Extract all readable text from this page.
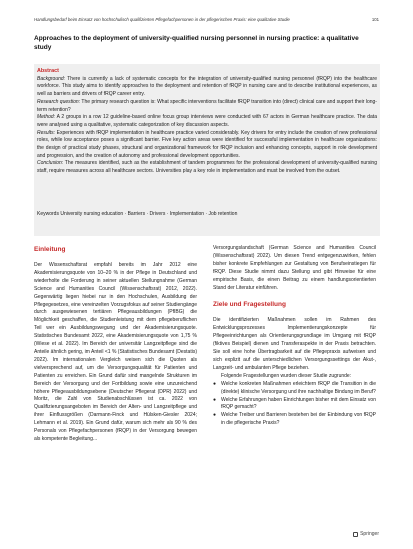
Handlungsbedarf beim Einsatz von hochschulisch qualifizierten Pflegefachpersonen in der pflegerischen Praxis: eine qualitative Studie	101
Approaches to the deployment of university-qualified nursing personnel in nursing practice: a qualitative study

Abstract

Background: There is currently a lack of systematic concepts for the integration of university-qualified nursing personnel (fRQP) into the healthcare workforce. This study aims to identify approaches to the deployment and retention of fRQP in nursing care and to describe institutional experiences, as well as barriers and drivers of fRQP career entry.

Research question: The primary research question is: What specific interventions facilitate fRQP transition into (direct) clinical care and support their long-term retention?

Method: A 2 groups in a row 12 guideline-based online focus group interviews were conducted with 67 actors in German healthcare practice. The data were analysed using a qualitative, systematic categorization of key discussion aspects.

Results: Experiences with fRQP implementation in healthcare practice varied considerably. Key drivers for entry include the creation of new professional roles, while low acceptance poses a significant barrier. Five key action areas were identified for successful implementation in healthcare organizations: the design of practical study phases, structural and organizational framework for fRQP inclusion and enhancing concepts, support in role development and progression, and the creation of autonomy and professional development opportunities.

Conclusion: The measures identified, such as the establishment of tandem programmes for the professional development of university-qualified nursing staff, require measures across all healthcare sectors. Universities play a key role in implementation and must be involved from the outset.

Keywords University nursing education · Barriers · Drivers · Implementation · Job retention
Einleitung

Der Wissenschaftsrat empfahl bereits im Jahr 2012 eine Akademisierungsquote von 10–20 % in der Pflege in Deutschland und wiederholte die Forderung in seiner aktuellen Stellungnahme (German Science and Humanities Council (Wissenschaftsrat) 2012, 2022). Gegenwärtig liegen hiebei nur in den Hochschulen, Ausbildung der Pflegegesetzes, eine vereinzelten Vorzugsfokus auf seiner Studiengänge durch ausgewiesenen tertiären Pflegeausbildungen (PfIBG) die Möglichkeit geschaffen, die Studienleistung mit dem pflegeberuflichen Teil wer ein Ausbildungswegung und der Akademisierungsquote. Statistisches Bundesamt 2022, eine Akademisierungsquote von 1,75 % (Wiese et al. 2022). Im Bereich der universitär Langzeitpflege sind die Anteile ähnlich gering, im Anteil <1 % (Statistisches Bundesamt (Destatis) 2022). Im internationalen Vergleich weisen sich die Quoten als vielversprechend auf, um die Versorgungsqualität für Patienten und Patienten zu erreichen. Ein Grund dafür sind mangelnde Strukturen im Bereich der Versorgung und der Fortbildung sowie eine unzureichend höhere Pflegeausbildungsebene (Deutscher Pflegerat (DPR) 2022) und Moritz, die Zahl von Studienabschlüssen ist ca. 2022 von Qualifizierungsangeboten im Bereich der Alten- und Langzeitpflege und ihrer Einflussgrößen (Darmann-Finck und Hülsken-Giesler 2024; Lehmann et al. 2019). Ein Grund dafür, warum sich mehr als 90 % des Personals von Pflegefachpersonen (fRQP) in der Versorgung bewegen als kompetente Begleitung...

Versorgungslandschaft (German Science and Humanities Council (Wissenschaftsrat) 2022). Um diesen Trend entgegenzuwirken, fehlen bisher konkrete Empfehlungen zur Gestaltung von Berufseinstiegen für fRQP. Diese Studie nimmt dazu Stellung und gibt Hinweise für eine empirische Basis, die einen Beitrag zu einem handlungsorientierten Stand der Literatur einführen.

Ziele und Fragestellung

Die identifizierten Maßnahmen sollen im Rahmen des Entwicklungsprozesses Implementierungskonzepte für Pflegeeinrichtungen als Orientierungsgrundlage im Umgang mit fRQP (fiktives Beispiel) dienen und Transferaspekte in der Praxis betrachten. Sie soll eine hohe Übertragbarkeit auf die Pflegepraxis aufweisen und sich explizit auf die unterschiedlichen Versorgungssettings der Akut-, Langzeit- und ambulanten Pflege beziehen.

Folgende Fragestellungen wurden dieser Studie zugrunde:

● Welche konkreten Maßnahmen erleichtern fRQP die Transition in die (direkte) klinische Versorgung und ihre nachhaltige Bindung im Beruf?
● Welche Erfahrungen haben Einrichtungen bisher mit dem Einsatz von fRQP gemacht?
● Welche Treiber und Barrieren bestehen bei der Einbindung von fRQP in die pflegerische Praxis?
Springer
